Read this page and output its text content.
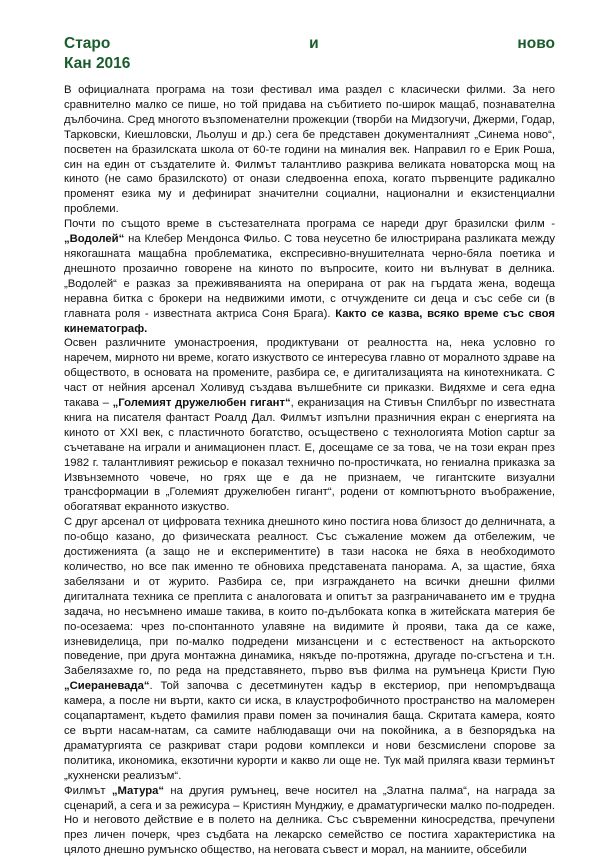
Старо	и	ново
Кан 2016

В официалната програма на този фестивал има раздел с класически филми. За него сравнително малко се пише, но той придава на събитието по-широк мащаб, познавателна дълбочина. Сред многото възпоменателни прожекции (творби на Мидзогучи, Джерми, Годар, Тарковски, Киешловски, Льолуш и др.) сега бе представен документалният „Синема ново“, посветен на бразилската школа от 60-те години на миналия век. Направил го е Ерик Роша, син на един от създателите ѝ. Филмът талантливо разкрива великата новаторска мощ на киното (не само бразилското) от онази следвоенна епоха, когато първенците радикално променят езика му и дефинират значителни социални, национални и екзистенциални проблеми.

Почти по същото време в състезателната програма се нареди друг бразилски филм - „Водолей“ на Клебер Мендонса Фильо. С това неусетно бе илюстрирана разликата между някогашната мащабна проблематика, експресивно-внушителната черно-бяла поетика и днешното прозаично говорене на киното по въпросите, които ни вълнуват в делника. „Водолей“ е разказ за преживяванията на оперирана от рак на гърдата жена, водеща неравна битка с брокери на недвижими имоти, с отчуждените си деца и със себе си (в главната роля - известната актриса Соня Брага). Както се казва, всяко време със своя кинематограф.

Освен различните умонастроения, продиктувани от реалността на, нека условно го наречем, мирното ни време, когато изкуството се интересува главно от моралното здраве на обществото, в основата на промените, разбира се, е дигитализацията на кинотехниката. С част от нейния арсенал Холивуд създава вълшебните си приказки. Видяхме и сега една такава – „Големият дружелюбен гигант“, екранизация на Стивън Спилбърг по известната книга на писателя фантаст Роалд Дал. Филмът изпълни празничния екран с енергията на киното от XXI век, с пластичното богатство, осъществено с технологията Motion captur за съчетаване на играли и анимационен пласт. Е, досещаме се за това, че на този екран през 1982 г. талантливият режисьор е показал технично по-простичката, но гениална приказка за Извънземното човече, но грях ще е да не признаем, че гигантските визуални трансформации в „Големият дружелюбен гигант“, родени от компютърното въображение, обогатяват екранното изкуство.

С друг арсенал от цифровата техника днешното кино постига нова близост до делничната, а по-общо казано, до физическата реалност. Със съжаление можем да отбележим, че достиженията (а защо не и експериментите) в тази насока не бяха в необходимото количество, но все пак именно те обновиха представената панорама. А, за щастие, бяха забелязани и от журито. Разбира се, при изграждането на всички днешни филми дигиталната техника се преплита с аналоговата и опитът за разграничаването им е трудна задача, но несъмнено имаше такива, в които по-дълбоката копка в житейската материя бе по-осезаема: чрез по-спонтанното улавяне на видимите ѝ прояви, така да се каже, изневиделица, при по-малко подредени мизансцени и с естественост на актьорското поведение, при друга монтажна динамика, някъде по-протяжна, другаде по-сгъстена и т.н. Забелязахме го, по реда на представянето, първо във филма на румънеца Кристи Пую „Сиераневада“. Той започва с десетминутен кадър в екстериор, при непомръдваща камера, а после ни върти, както си иска, в клаустрофобичното пространство на маломерен соцапартамент, където фамилия прави помен за починалия баща. Скритата камера, която се върти насам-натам, са самите наблюдаващи очи на покойника, а в безпорядъка на драматургията се разкриват стари родови комплекси и нови безсмислени спорове за политика, икономика, екзотични курорти и какво ли още не. Тук май приляга квази терминът „кухненски реализъм“.

Филмът „Матура“ на другия румънец, вече носител на „Златна палма“, на награда за сценарий, а сега и за режисура – Кристиян Мунджиу, е драматургически малко по-подреден. Но и неговото действие е в полето на делника. Със съвременни киносредства, пречупени през личен почерк, чрез съдбата на лекарско семейство се постига характеристика на цялото днешно румънско общество, на неговата съвест и морал, на маниите, обсебили
